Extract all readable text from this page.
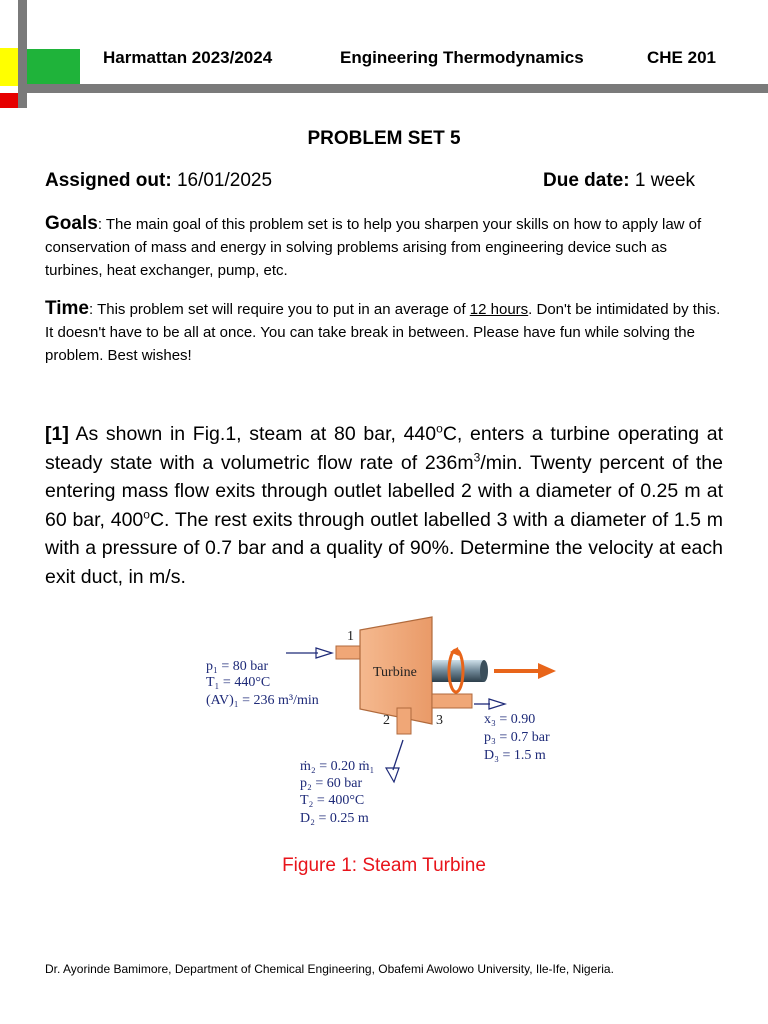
Harmattan 2023/2024	Engineering Thermodynamics	CHE 201
PROBLEM SET 5
Assigned out: 16/01/2025	Due date: 1 week
Goals: The main goal of this problem set is to help you sharpen your skills on how to apply law of conservation of mass and energy in solving problems arising from engineering device such as turbines, heat exchanger, pump, etc.
Time: This problem set will require you to put in an average of 12 hours. Don't be intimidated by this. It doesn't have to be all at once. You can take break in between. Please have fun while solving the problem. Best wishes!
[1] As shown in Fig.1, steam at 80 bar, 440$^o$C, enters a turbine operating at steady state with a volumetric flow rate of $236m^3/\min$. Twenty percent of the entering mass flow exits through outlet labelled 2 with a diameter of 0.25 m at 60 bar, 400$^o$C. The rest exits through outlet labelled 3 with a diameter of 1.5 m with a pressure of 0.7 bar and a quality of 90%. Determine the velocity at each exit duct, in m/s.
1
Turbine
3
2
p₁ = 80 bar
T₁ = 440°C
(AV)₁ = 236 m³/min
x₃ = 0.90
p₃ = 0.7 bar
D₃ = 1.5 m
ṁ₂ = 0.20 ṁ₁
p₂ = 60 bar
T₂ = 400°C
D₂ = 0.25 m
Figure 1: Steam Turbine
Dr. Ayorinde Bamimore, Department of Chemical Engineering, Obafemi Awolowo University, Ile-Ife, Nigeria.
